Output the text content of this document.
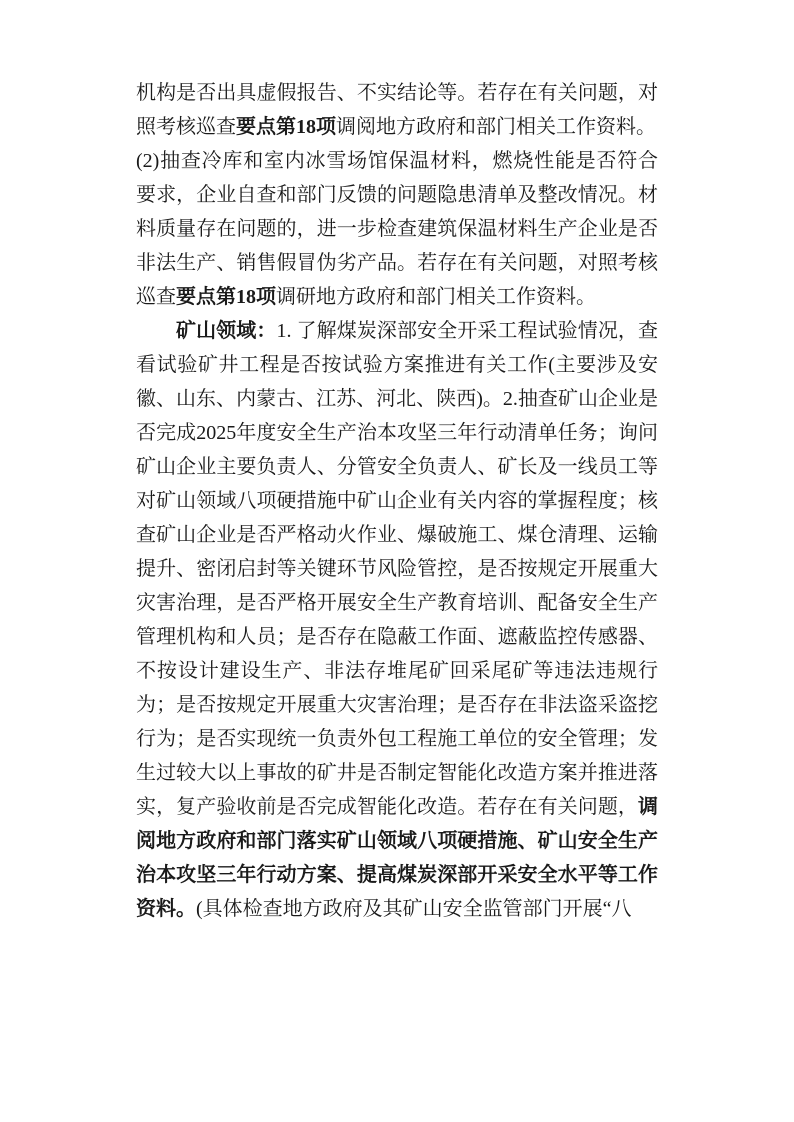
机构是否出具虚假报告、不实结论等。若存在有关问题，对照考核巡查要点第18项调阅地方政府和部门相关工作资料。

(2)抽查冷库和室内冰雪场馆保温材料，燃烧性能是否符合要求，企业自查和部门反馈的问题隐患清单及整改情况。材料质量存在问题的，进一步检查建筑保温材料生产企业是否非法生产、销售假冒伪劣产品。若存在有关问题，对照考核巡查要点第18项调研地方政府和部门相关工作资料。

矿山领域：1. 了解煤炭深部安全开采工程试验情况，查看试验矿井工程是否按试验方案推进有关工作(主要涉及安徽、山东、内蒙古、江苏、河北、陕西)。2.抽查矿山企业是否完成2025年度安全生产治本攻坚三年行动清单任务；询问矿山企业主要负责人、分管安全负责人、矿长及一线员工等对矿山领域八项硬措施中矿山企业有关内容的掌握程度；核查矿山企业是否严格动火作业、爆破施工、煤仓清理、运输提升、密闭启封等关键环节风险管控，是否按规定开展重大灾害治理，是否严格开展安全生产教育培训、配备安全生产管理机构和人员；是否存在隐蔽工作面、遮蔽监控传感器、不按设计建设生产、非法存堆尾矿回采尾矿等违法违规行为；是否按规定开展重大灾害治理；是否存在非法盗采盗挖行为；是否实现统一负责外包工程施工单位的安全管理；发生过较大以上事故的矿井是否制定智能化改造方案并推进落实，复产验收前是否完成智能化改造。若存在有关问题，调阅地方政府和部门落实矿山领域八项硬措施、矿山安全生产治本攻坚三年行动方案、提高煤炭深部开采安全水平等工作资料。(具体检查地方政府及其矿山安全监管部门开展“八
